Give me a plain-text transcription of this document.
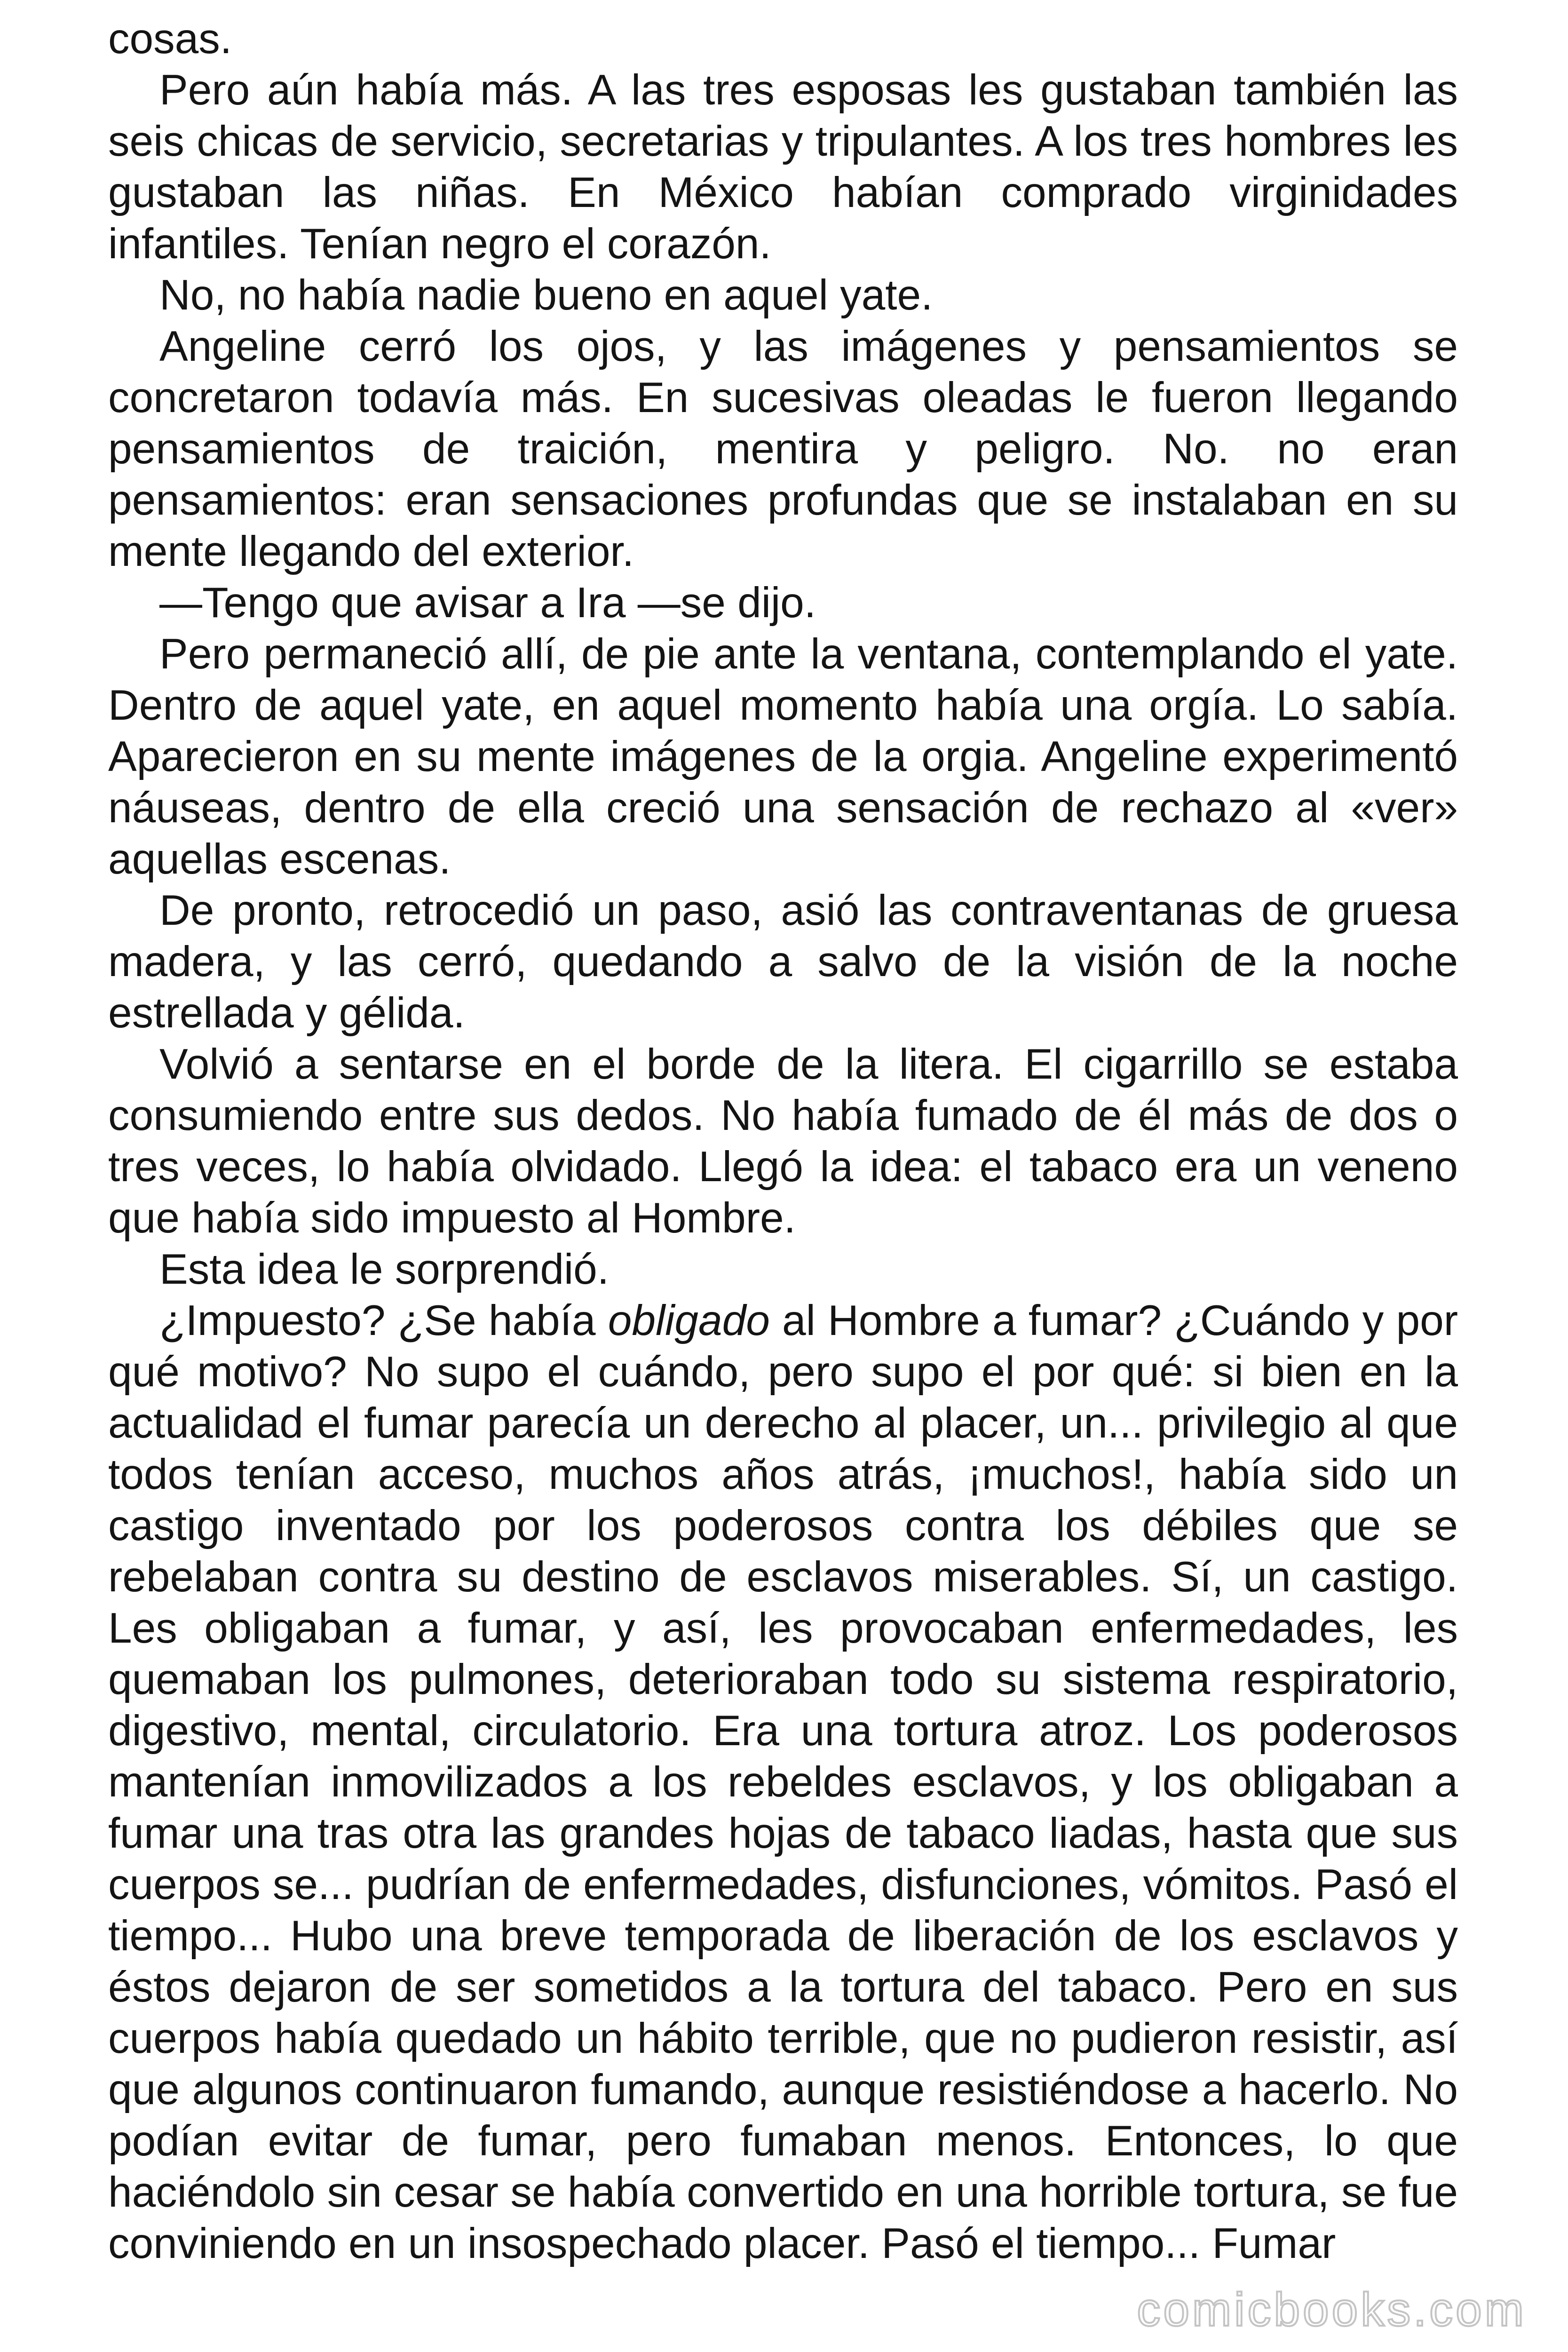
cosas.

Pero aún había más. A las tres esposas les gustaban también las seis chicas de servicio, secretarias y tripulantes. A los tres hombres les gustaban las niñas. En México habían comprado virginidades infantiles. Tenían negro el corazón.

No, no había nadie bueno en aquel yate.

Angeline cerró los ojos, y las imágenes y pensamientos se concretaron todavía más. En sucesivas oleadas le fueron llegando pensamientos de traición, mentira y peligro. No. no eran pensamientos: eran sensaciones profundas que se instalaban en su mente llegando del exterior.

—Tengo que avisar a Ira —se dijo.

Pero permaneció allí, de pie ante la ventana, contemplando el yate. Dentro de aquel yate, en aquel momento había una orgía. Lo sabía. Aparecieron en su mente imágenes de la orgia. Angeline experimentó náuseas, dentro de ella creció una sensación de rechazo al «ver» aquellas escenas.

De pronto, retrocedió un paso, asió las contraventanas de gruesa madera, y las cerró, quedando a salvo de la visión de la noche estrellada y gélida.

Volvió a sentarse en el borde de la litera. El cigarrillo se estaba consumiendo entre sus dedos. No había fumado de él más de dos o tres veces, lo había olvidado. Llegó la idea: el tabaco era un veneno que había sido impuesto al Hombre.

Esta idea le sorprendió.

¿Impuesto? ¿Se había obligado al Hombre a fumar? ¿Cuándo y por qué motivo? No supo el cuándo, pero supo el por qué: si bien en la actualidad el fumar parecía un derecho al placer, un... privilegio al que todos tenían acceso, muchos años atrás, ¡muchos!, había sido un castigo inventado por los poderosos contra los débiles que se rebelaban contra su destino de esclavos miserables. Sí, un castigo. Les obligaban a fumar, y así, les provocaban enfermedades, les quemaban los pulmones, deterioraban todo su sistema respiratorio, digestivo, mental, circulatorio. Era una tortura atroz. Los poderosos mantenían inmovilizados a los rebeldes esclavos, y los obligaban a fumar una tras otra las grandes hojas de tabaco liadas, hasta que sus cuerpos se... pudrían de enfermedades, disfunciones, vómitos. Pasó el tiempo... Hubo una breve temporada de liberación de los esclavos y éstos dejaron de ser sometidos a la tortura del tabaco. Pero en sus cuerpos había quedado un hábito terrible, que no pudieron resistir, así que algunos continuaron fumando, aunque resistiéndose a hacerlo. No podían evitar de fumar, pero fumaban menos. Entonces, lo que haciéndolo sin cesar se había convertido en una horrible tortura, se fue conviniendo en un insospechado placer. Pasó el tiempo... Fumar

comicbooks.com
